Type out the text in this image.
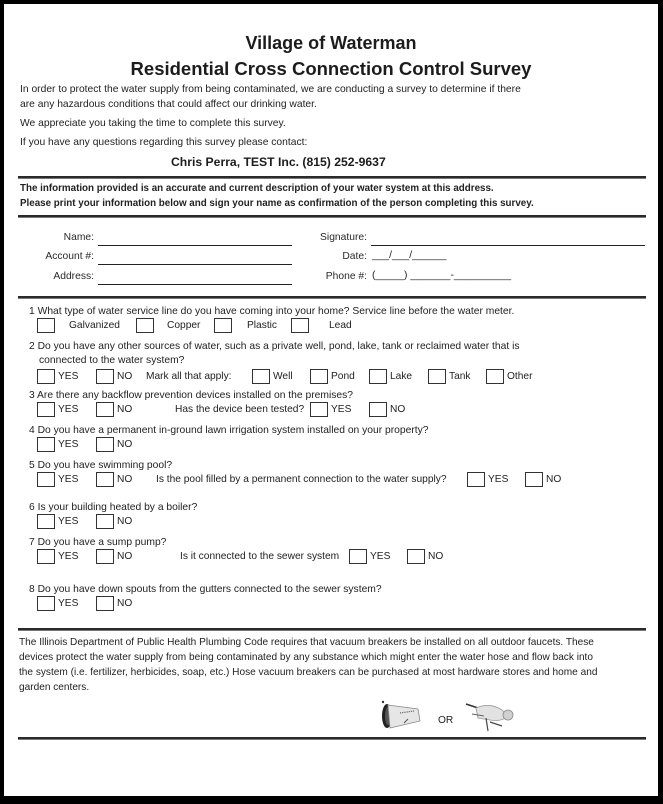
Village of Waterman
Residential Cross Connection Control Survey
In order to protect the water supply from being contaminated, we are conducting a survey to determine if there
are any hazardous conditions that could affect our drinking water.
We appreciate you taking the time to complete this survey.
If you have any questions regarding this survey please contact:
Chris Perra, TEST Inc. (815) 252-9637
The information provided is an accurate and current description of your water system at this address.
Please print your information below and sign your name as confirmation of the person completing this survey.
Name:
Account #:
Address:
Signature:
Date: ___/___/______
Phone #: (_____) _______-__________
1 What type of water service line do you have coming into your home? Service line before the water meter.
Galvanized	Copper	Plastic	Lead
2 Do you have any other sources of water, such as a private well, pond, lake, tank or reclaimed water that is
connected to the water system?
YES	NO Mark all that apply:	Well	Pond	Lake	Tank	Other
3 Are there any backflow prevention devices installed on the premises?
YES	NO	Has the device been tested?	YES	NO
4 Do you have a permanent in-ground lawn irrigation system installed on your property?
YES	NO
5 Do you have swimming pool?
YES	NO Is the pool filled by a permanent connection to the water supply?	YES	NO
6 Is your building heated by a boiler?
YES	NO
7 Do you have a sump pump?
YES	NO	Is it connected to the sewer system	YES	NO
8 Do you have down spouts from the gutters connected to the sewer system?
YES	NO
The Illinois Department of Public Health Plumbing Code requires that vacuum breakers be installed on all outdoor faucets. These
devices protect the water supply from being contaminated by any substance which might enter the water hose and flow back into
the system (i.e. fertilizer, herbicides, soap, etc.) Hose vacuum breakers can be purchased at most hardware stores and home and
garden centers.
OR
